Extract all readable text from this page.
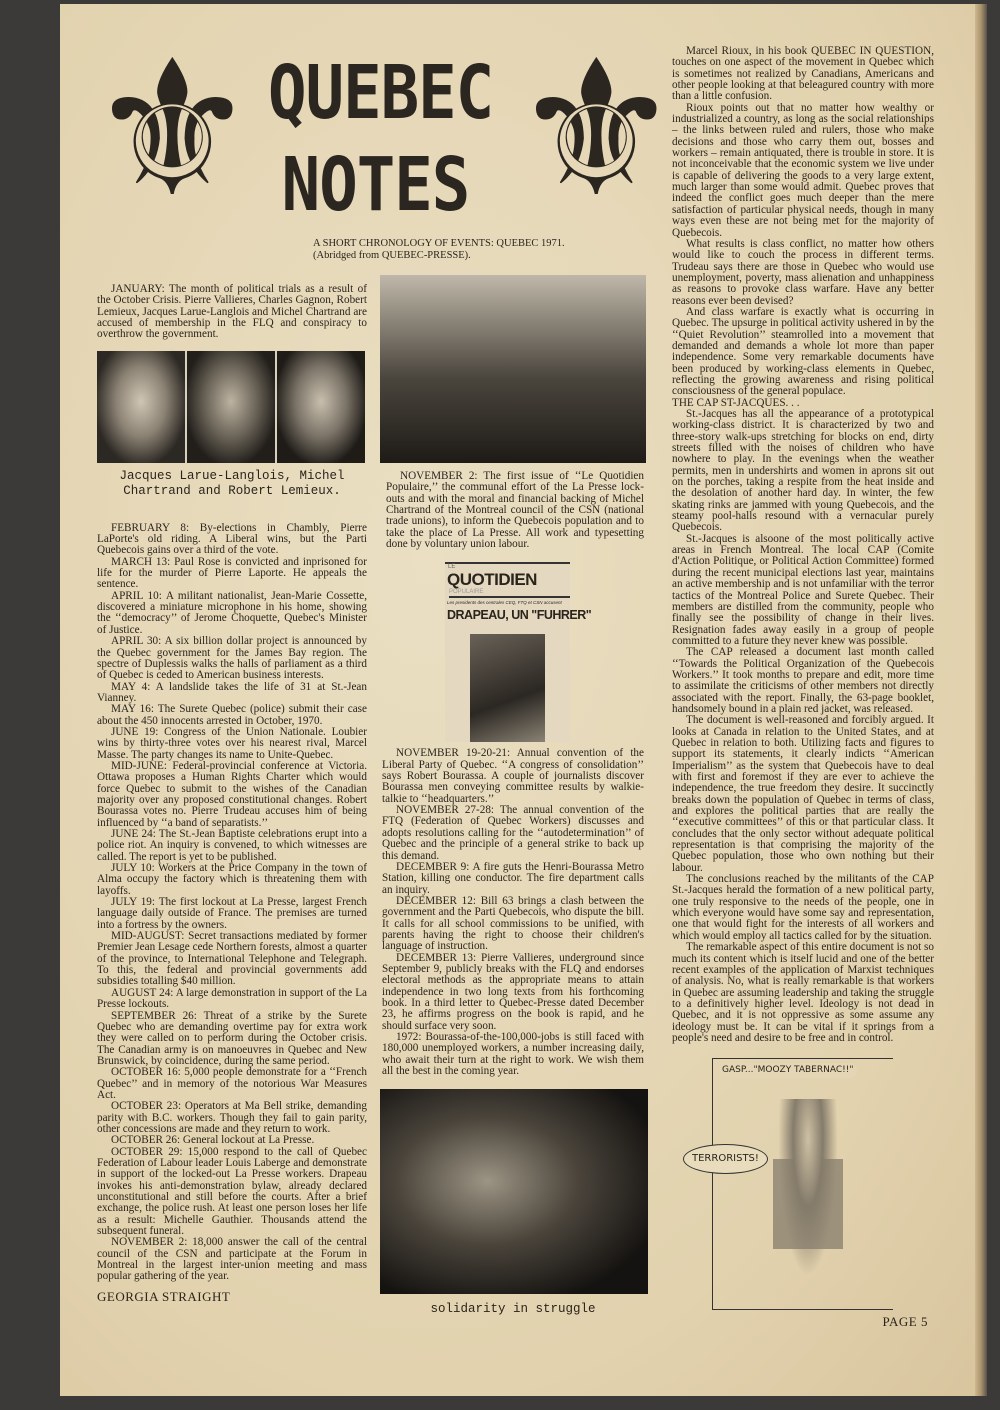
⚜ ⚜
QUEBEC
NOTES
A SHORT CHRONOLOGY OF EVENTS: QUEBEC 1971.
(Abridged from QUEBEC-PRESSE).

JANUARY: The month of political trials as a result of the October Crisis. Pierre Vallieres, Charles Gagnon, Robert Lemieux, Jacques Larue-Langlois and Michel Chartrand are accused of membership in the FLQ and conspiracy to overthrow the government.

Jacques Larue-Langlois, Michel Chartrand and Robert Lemieux.

FEBRUARY 8: By-elections in Chambly, Pierre LaPorte's old riding. A Liberal wins, but the Parti Quebecois gains over a third of the vote.

MARCH 13: Paul Rose is convicted and inprisoned for life for the murder of Pierre Laporte. He appeals the sentence.

APRIL 10: A militant nationalist, Jean-Marie Cossette, discovered a miniature microphone in his home, showing the ‘‘democracy’’ of Jerome Choquette, Quebec's Minister of Justice.

APRIL 30: A six billion dollar project is announced by the Quebec government for the James Bay region. The spectre of Duplessis walks the halls of parliament as a third of Quebec is ceded to American business interests.

MAY 4: A landslide takes the life of 31 at St.-Jean Vianney.

MAY 16: The Surete Quebec (police) submit their case about the 450 innocents arrested in October, 1970.

JUNE 19: Congress of the Union Nationale. Loubier wins by thirty-three votes over his nearest rival, Marcel Masse. The party changes its name to Unite-Quebec.

MID-JUNE: Federal-provincial conference at Victoria. Ottawa proposes a Human Rights Charter which would force Quebec to submit to the wishes of the Canadian majority over any proposed constitutional changes. Robert Bourassa votes no. Pierre Trudeau accuses him of being influenced by ‘‘a band of separatists.’’

JUNE 24: The St.-Jean Baptiste celebrations erupt into a police riot. An inquiry is convened, to which witnesses are called. The report is yet to be published.

JULY 10: Workers at the Price Company in the town of Alma occupy the factory which is threatening them with layoffs.

JULY 19: The first lockout at La Presse, largest French language daily outside of France. The premises are turned into a fortress by the owners.

MID-AUGUST: Secret transactions mediated by former Premier Jean Lesage cede Northern forests, almost a quarter of the province, to International Telephone and Telegraph. To this, the federal and provincial governments add subsidies totalling $40 million.

AUGUST 24: A large demonstration in support of the La Presse lockouts.

SEPTEMBER 26: Threat of a strike by the Surete Quebec who are demanding overtime pay for extra work they were called on to perform during the October crisis. The Canadian army is on manoeuvres in Quebec and New Brunswick, by coincidence, during the same period.

OCTOBER 16: 5,000 people demonstrate for a ‘‘French Quebec’’ and in memory of the notorious War Measures Act.

OCTOBER 23: Operators at Ma Bell strike, demanding parity with B.C. workers. Though they fail to gain parity, other concessions are made and they return to work.

OCTOBER 26: General lockout at La Presse.

OCTOBER 29: 15,000 respond to the call of Quebec Federation of Labour leader Louis Laberge and demonstrate in support of the locked-out La Presse workers. Drapeau invokes his anti-demonstration bylaw, already declared unconstitutional and still before the courts. After a brief exchange, the police rush. At least one person loses her life as a result: Michelle Gauthier. Thousands attend the subsequent funeral.

NOVEMBER 2: 18,000 answer the call of the central council of the CSN and participate at the Forum in Montreal in the largest inter-union meeting and mass popular gathering of the year.

GEORGIA STRAIGHT

NOVEMBER 2: The first issue of ‘‘Le Quotidien Populaire,’’ the communal effort of the La Presse lock-outs and with the moral and financial backing of Michel Chartrand of the Montreal council of the CSN (national trade unions), to inform the Quebecois population and to take the place of La Presse. All work and typesetting done by voluntary union labour.

LE
QUOTIDIEN
POPULAIRE
Les presidents des centrales CEQ, FTQ et CSN accusent
DRAPEAU, UN "FUHRER"

NOVEMBER 19-20-21: Annual convention of the Liberal Party of Quebec. ‘‘A congress of consolidation’’ says Robert Bourassa. A couple of journalists discover Bourassa men conveying committee results by walkie-talkie to ‘‘headquarters.’’

NOVEMBER 27-28: The annual convention of the FTQ (Federation of Quebec Workers) discusses and adopts resolutions calling for the ‘‘autodetermination’’ of Quebec and the principle of a general strike to back up this demand.

DECEMBER 9: A fire guts the Henri-Bourassa Metro Station, killing one conductor. The fire department calls an inquiry.

DECEMBER 12: Bill 63 brings a clash between the government and the Parti Quebecois, who dispute the bill. It calls for all school commissions to be unified, with parents having the right to choose their children's language of instruction.

DECEMBER 13: Pierre Vallieres, underground since September 9, publicly breaks with the FLQ and endorses electoral methods as the appropriate means to attain independence in two long texts from his forthcoming book. In a third letter to Quebec-Presse dated December 23, he affirms progress on the book is rapid, and he should surface very soon.

1972: Bourassa-of-the-100,000-jobs is still faced with 180,000 unemployed workers, a number increasing daily, who await their turn at the right to work. We wish them all the best in the coming year.

solidarity in struggle

Marcel Rioux, in his book QUEBEC IN QUESTION, touches on one aspect of the movement in Quebec which is sometimes not realized by Canadians, Americans and other people looking at that beleagured country with more than a little confusion.

Rioux points out that no matter how wealthy or industrialized a country, as long as the social relationships – the links between ruled and rulers, those who make decisions and those who carry them out, bosses and workers – remain antiquated, there is trouble in store. It is not inconceivable that the economic system we live under is capable of delivering the goods to a very large extent, much larger than some would admit. Quebec proves that indeed the conflict goes much deeper than the mere satisfaction of particular physical needs, though in many ways even these are not being met for the majority of Quebecois.

What results is class conflict, no matter how others would like to couch the process in different terms. Trudeau says there are those in Quebec who would use unemployment, poverty, mass alienation and unhappiness as reasons to provoke class warfare. Have any better reasons ever been devised?

And class warfare is exactly what is occurring in Quebec. The upsurge in political activity ushered in by the ‘‘Quiet Revolution’’ steamrolled into a movement that demanded and demands a whole lot more than paper independence. Some very remarkable documents have been produced by working-class elements in Quebec, reflecting the growing awareness and rising political consciousness of the general populace.

THE CAP ST-JACQUES. . .

St.-Jacques has all the appearance of a prototypical working-class district. It is characterized by two and three-story walk-ups stretching for blocks on end, dirty streets filled with the noises of children who have nowhere to play. In the evenings when the weather permits, men in undershirts and women in aprons sit out on the porches, taking a respite from the heat inside and the desolation of another hard day. In winter, the few skating rinks are jammed with young Quebecois, and the steamy pool-halls resound with a vernacular purely Quebecois.

St.-Jacques is alsoone of the most politically active areas in French Montreal. The local CAP (Comite d'Action Politique, or Political Action Committee) formed during the recent municipal elections last year, maintains an active membership and is not unfamiliar with the terror tactics of the Montreal Police and Surete Quebec. Their members are distilled from the community, people who finally see the possibility of change in their lives. Resignation fades away easily in a group of people committed to a future they never knew was possible.

The CAP released a document last month called ‘‘Towards the Political Organization of the Quebecois Workers.’’ It took months to prepare and edit, more time to assimilate the criticisms of other members not directly associated with the report. Finally, the 63-page booklet, handsomely bound in a plain red jacket, was released.

The document is well-reasoned and forcibly argued. It looks at Canada in relation to the United States, and at Quebec in relation to both. Utilizing facts and figures to support its statements, it clearly indicts ‘‘American Imperialism’’ as the system that Quebecois have to deal with first and foremost if they are ever to achieve the independence, the true freedom they desire. It succinctly breaks down the population of Quebec in terms of class, and explores the political parties that are really the ‘‘executive committees’’ of this or that particular class. It concludes that the only sector without adequate political representation is that comprising the majority of the Quebec population, those who own nothing but their labour.

The conclusions reached by the militants of the CAP St.-Jacques herald the formation of a new political party, one truly responsive to the needs of the people, one in which everyone would have some say and representation, one that would fight for the interests of all workers and which would employ all tactics called for by the situation.

The remarkable aspect of this entire document is not so much its content which is itself lucid and one of the better recent examples of the application of Marxist techniques of analysis. No, what is really remarkable is that workers in Quebec are assuming leadership and taking the struggle to a definitively higher level. Ideology is not dead in Quebec, and it is not oppressive as some assume any ideology must be. It can be vital if it springs from a people's need and desire to be free and in control.

GASP..."MOOZY TABERNAC!!"
TERRORISTS!
PAGE 5
